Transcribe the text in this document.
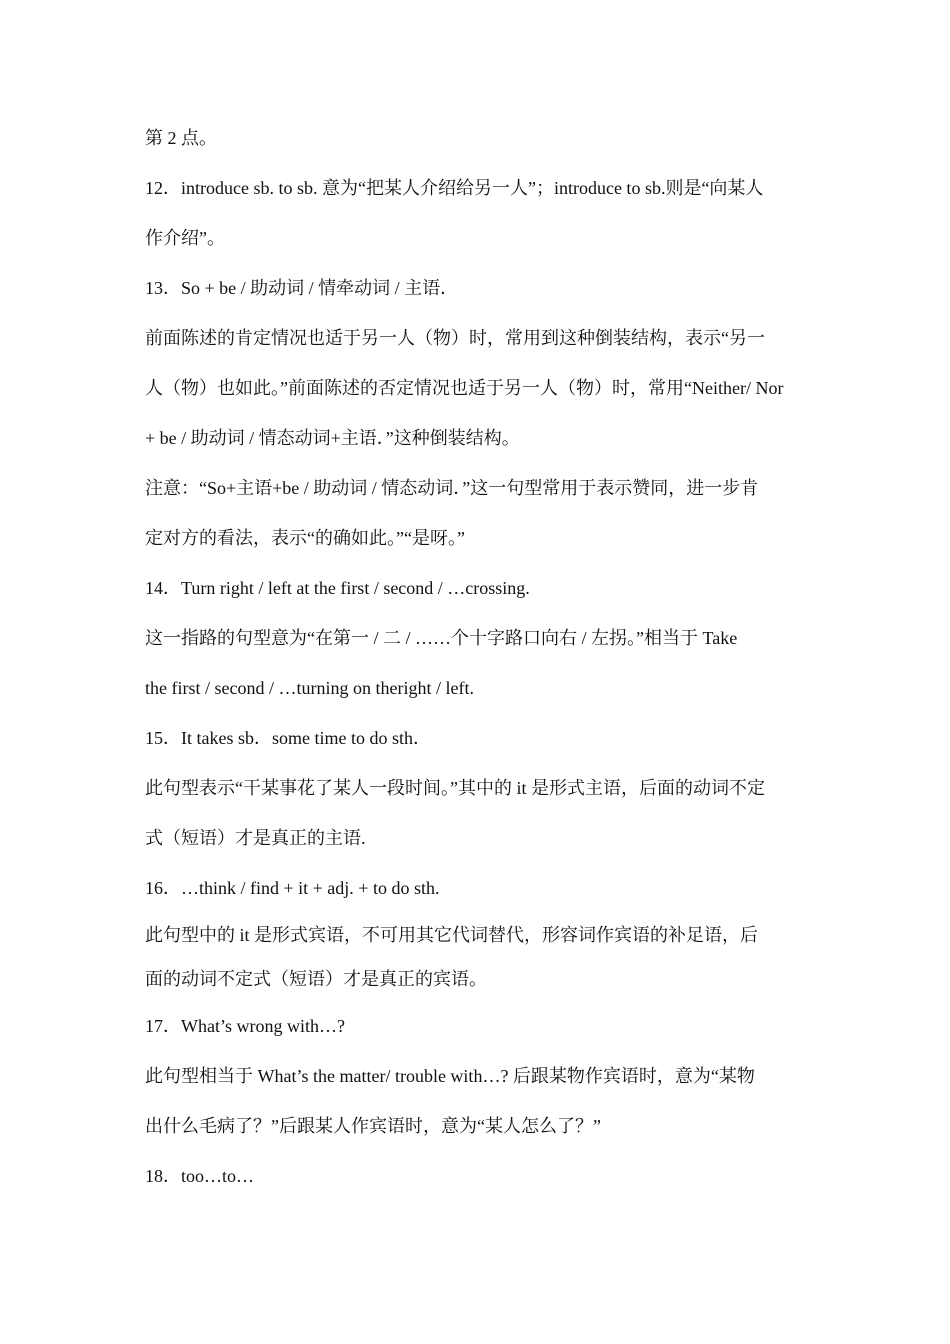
第 2 点。
12．introduce sb. to sb. 意为“把某人介绍给另一人”；introduce to sb.则是“向某人
作介绍”。
13．So + be / 助动词 / 情牵动词 / 主语．
前面陈述的肯定情况也适于另一人（物）时，常用到这种倒装结构，表示“另一
人（物）也如此。”前面陈述的否定情况也适于另一人（物）时，常用“Neither/ Nor
+ be / 助动词 / 情态动词+主语．”这种倒装结构。
注意：“So+主语+be / 助动词 / 情态动词．”这一句型常用于表示赞同，进一步肯
定对方的看法，表示“的确如此。”“是呀。”
14．Turn right / left at the first / second / …crossing.
这一指路的句型意为“在第一 / 二 / ……个十字路口向右 / 左拐。”相当于 Take
the first / second / …turning on theright / left.
15．It takes sb．some time to do sth．
此句型表示“干某事花了某人一段时间。”其中的 it 是形式主语，后面的动词不定
式（短语）才是真正的主语.
16．…think / find + it + adj. + to do sth.
此句型中的 it 是形式宾语，不可用其它代词替代，形容词作宾语的补足语，后
面的动词不定式（短语）才是真正的宾语。
17．What’s wrong with…?
此句型相当于 What’s the matter/ trouble with…? 后跟某物作宾语时，意为“某物
出什么毛病了？”后跟某人作宾语时，意为“某人怎么了？”
18．too…to…
